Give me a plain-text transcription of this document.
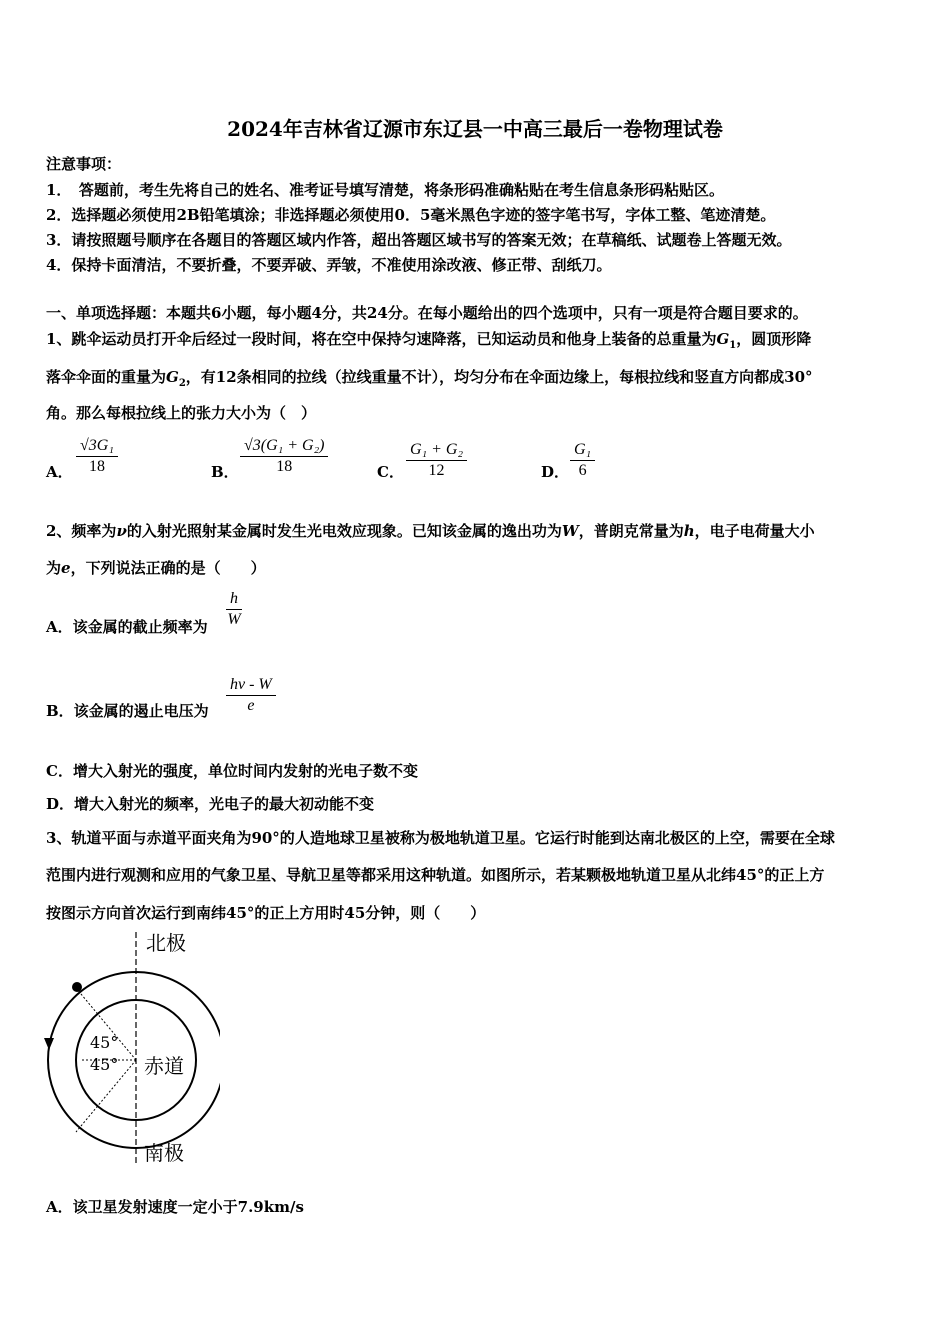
2024年吉林省辽源市东辽县一中高三最后一卷物理试卷
注意事项：
1．　答题前，考生先将自己的姓名、准考证号填写清楚，将条形码准确粘贴在考生信息条形码粘贴区。
2．选择题必须使用2B铅笔填涂；非选择题必须使用0．5毫米黑色字迹的签字笔书写，字体工整、笔迹清楚。
3．请按照题号顺序在各题目的答题区域内作答，超出答题区域书写的答案无效；在草稿纸、试题卷上答题无效。
4．保持卡面清洁，不要折叠，不要弄破、弄皱，不准使用涂改液、修正带、刮纸刀。
一、单项选择题：本题共6小题，每小题4分，共24分。在每小题给出的四个选项中，只有一项是符合题目要求的。
1、跳伞运动员打开伞后经过一段时间，将在空中保持匀速降落，已知运动员和他身上装备的总重量为$G_1$，圆顶形降
落伞伞面的重量为$G_2$，有12条相同的拉线（拉线重量不计），均匀分布在伞面边缘上，每根拉线和竖直方向都成30°
角。那么每根拉线上的张力大小为（　）
A．
√3G₁
18	B．
√3(G₁ + G₂)
18	C．
G₁ + G₂
12	D．
G₁
6
2、频率为ν的入射光照射某金属时发生光电效应现象。已知该金属的逸出功为W，普朗克常量为h，电子电荷量大小
为e，下列说法正确的是（　　）
A．该金属的截止频率为
h
W
B．该金属的遏止电压为
hν - W
e
C．增大入射光的强度，单位时间内发射的光电子数不变
D．增大入射光的频率，光电子的最大初动能不变
3、轨道平面与赤道平面夹角为90°的人造地球卫星被称为极地轨道卫星。它运行时能到达南北极区的上空，需要在全球
范围内进行观测和应用的气象卫星、导航卫星等都采用这种轨道。如图所示，若某颗极地轨道卫星从北纬45°的正上方
按图示方向首次运行到南纬45°的正上方用时45分钟，则（　　）
北极
南极
赤道
45°
45°
A．该卫星发射速度一定小于7.9km/s
